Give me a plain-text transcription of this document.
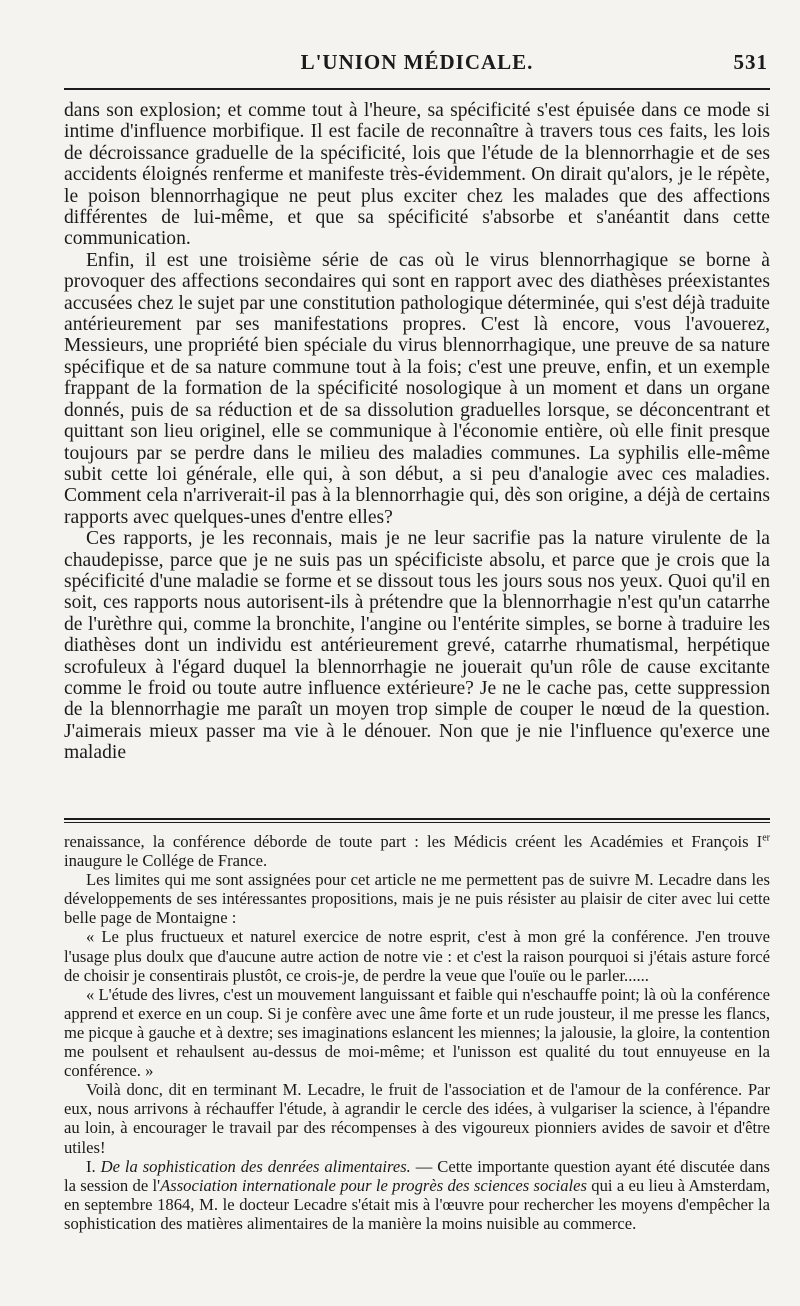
L'UNION MÉDICALE.	531

dans son explosion; et comme tout à l'heure, sa spécificité s'est épuisée dans ce mode si intime d'influence morbifique. Il est facile de reconnaître à travers tous ces faits, les lois de décroissance graduelle de la spécificité, lois que l'étude de la blennorrhagie et de ses accidents éloignés renferme et manifeste très-évidemment. On dirait qu'alors, je le répète, le poison blennorrhagique ne peut plus exciter chez les malades que des affections différentes de lui-même, et que sa spécificité s'absorbe et s'anéantit dans cette communication.

Enfin, il est une troisième série de cas où le virus blennorrhagique se borne à provoquer des affections secondaires qui sont en rapport avec des diathèses préexistantes accusées chez le sujet par une constitution pathologique déterminée, qui s'est déjà traduite antérieurement par ses manifestations propres. C'est là encore, vous l'avouerez, Messieurs, une propriété bien spéciale du virus blennorrhagique, une preuve de sa nature spécifique et de sa nature commune tout à la fois; c'est une preuve, enfin, et un exemple frappant de la formation de la spécificité nosologique à un moment et dans un organe donnés, puis de sa réduction et de sa dissolution graduelles lorsque, se déconcentrant et quittant son lieu originel, elle se communique à l'économie entière, où elle finit presque toujours par se perdre dans le milieu des maladies communes. La syphilis elle-même subit cette loi générale, elle qui, à son début, a si peu d'analogie avec ces maladies. Comment cela n'arriverait-il pas à la blennorrhagie qui, dès son origine, a déjà de certains rapports avec quelques-unes d'entre elles?

Ces rapports, je les reconnais, mais je ne leur sacrifie pas la nature virulente de la chaudepisse, parce que je ne suis pas un spécificiste absolu, et parce que je crois que la spécificité d'une maladie se forme et se dissout tous les jours sous nos yeux. Quoi qu'il en soit, ces rapports nous autorisent-ils à prétendre que la blennorrhagie n'est qu'un catarrhe de l'urèthre qui, comme la bronchite, l'angine ou l'entérite simples, se borne à traduire les diathèses dont un individu est antérieurement grevé, catarrhe rhumatismal, herpétique scrofuleux à l'égard duquel la blennorrhagie ne jouerait qu'un rôle de cause excitante comme le froid ou toute autre influence extérieure? Je ne le cache pas, cette suppression de la blennorrhagie me paraît un moyen trop simple de couper le nœud de la question. J'aimerais mieux passer ma vie à le dénouer. Non que je nie l'influence qu'exerce une maladie

renaissance, la conférence déborde de toute part : les Médicis créent les Académies et François Ier inaugure le Collége de France.

Les limites qui me sont assignées pour cet article ne me permettent pas de suivre M. Lecadre dans les développements de ses intéressantes propositions, mais je ne puis résister au plaisir de citer avec lui cette belle page de Montaigne :

« Le plus fructueux et naturel exercice de notre esprit, c'est à mon gré la conférence. J'en trouve l'usage plus doulx que d'aucune autre action de notre vie : et c'est la raison pourquoi si j'étais asture forcé de choisir je consentirais plustôt, ce crois-je, de perdre la veue que l'ouïe ou le parler......

« L'étude des livres, c'est un mouvement languissant et faible qui n'eschauffe point; là où la conférence apprend et exerce en un coup. Si je confère avec une âme forte et un rude jousteur, il me presse les flancs, me picque à gauche et à dextre; ses imaginations eslancent les miennes; la jalousie, la gloire, la contention me poulsent et rehaulsent au-dessus de moi-même; et l'unisson est qualité du tout ennuyeuse en la conférence. »

Voilà donc, dit en terminant M. Lecadre, le fruit de l'association et de l'amour de la conférence. Par eux, nous arrivons à réchauffer l'étude, à agrandir le cercle des idées, à vulgariser la science, à l'épandre au loin, à encourager le travail par des récompenses à des vigoureux pionniers avides de savoir et d'être utiles!

I. De la sophistication des denrées alimentaires. — Cette importante question ayant été discutée dans la session de l'Association internationale pour le progrès des sciences sociales qui a eu lieu à Amsterdam, en septembre 1864, M. le docteur Lecadre s'était mis à l'œuvre pour rechercher les moyens d'empêcher la sophistication des matières alimentaires de la manière la moins nuisible au commerce.
